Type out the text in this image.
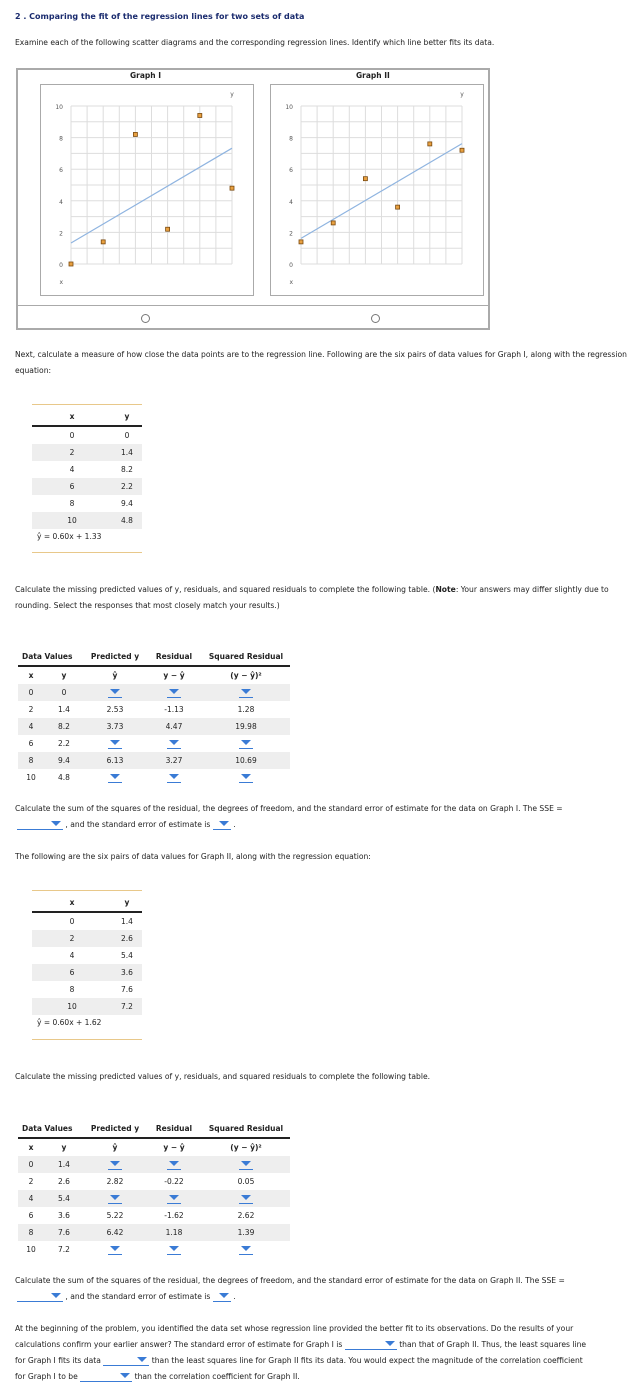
2 . Comparing the fit of the regression lines for two sets of data
Examine each of the following scatter diagrams and the corresponding regression lines. Identify which line better fits its data.
Graph I	Graph II
10
8
6
4
2
0
x
y
10
8
6
4
2
0
x
y
Next, calculate a measure of how close the data points are to the regression line. Following are the six pairs of data values for Graph I, along with the regression equation:
x	y
0	0
2	1.4
4	8.2
6	2.2
8	9.4
10	4.8
ŷ = 0.60x + 1.33
Calculate the missing predicted values of y, residuals, and squared residuals to complete the following table. (Note: Your answers may differ slightly due to rounding. Select the responses that most closely match your results.)
Data Values		Predicted y	Residual	Squared Residual
x	y	ŷ	y − ŷ	(y − ŷ)²
0	0	

2	1.4	2.53	-1.13	1.28
4	8.2	3.73	4.47	19.98
6	2.2	

8	9.4	6.13	3.27	10.69
10	4.8	

Calculate the sum of the squares of the residual, the degrees of freedom, and the standard error of estimate for the data on Graph I. The SSE =

, and the standard error of estimate is	.
The following are the six pairs of data values for Graph II, along with the regression equation:
x	y
0	1.4
2	2.6
4	5.4
6	3.6
8	7.6
10	7.2
ŷ = 0.60x + 1.62
Calculate the missing predicted values of y, residuals, and squared residuals to complete the following table.
Data Values		Predicted y	Residual	Squared Residual
x	y	ŷ	y − ŷ	(y − ŷ)²
0	1.4	

2	2.6	2.82	-0.22	0.05
4	5.4	

6	3.6	5.22	-1.62	2.62
8	7.6	6.42	1.18	1.39
10	7.2	

Calculate the sum of the squares of the residual, the degrees of freedom, and the standard error of estimate for the data on Graph II. The SSE =

, and the standard error of estimate is	.
At the beginning of the problem, you identified the data set whose regression line provided the better fit to its observations. Do the results of your
calculations confirm your earlier answer? The standard error of estimate for Graph I is	than that of Graph II. Thus, the least squares line
for Graph I fits its data	than the least squares line for Graph II fits its data. You would expect the magnitude of the correlation coefficient
for Graph I to be	than the correlation coefficient for Graph II.
